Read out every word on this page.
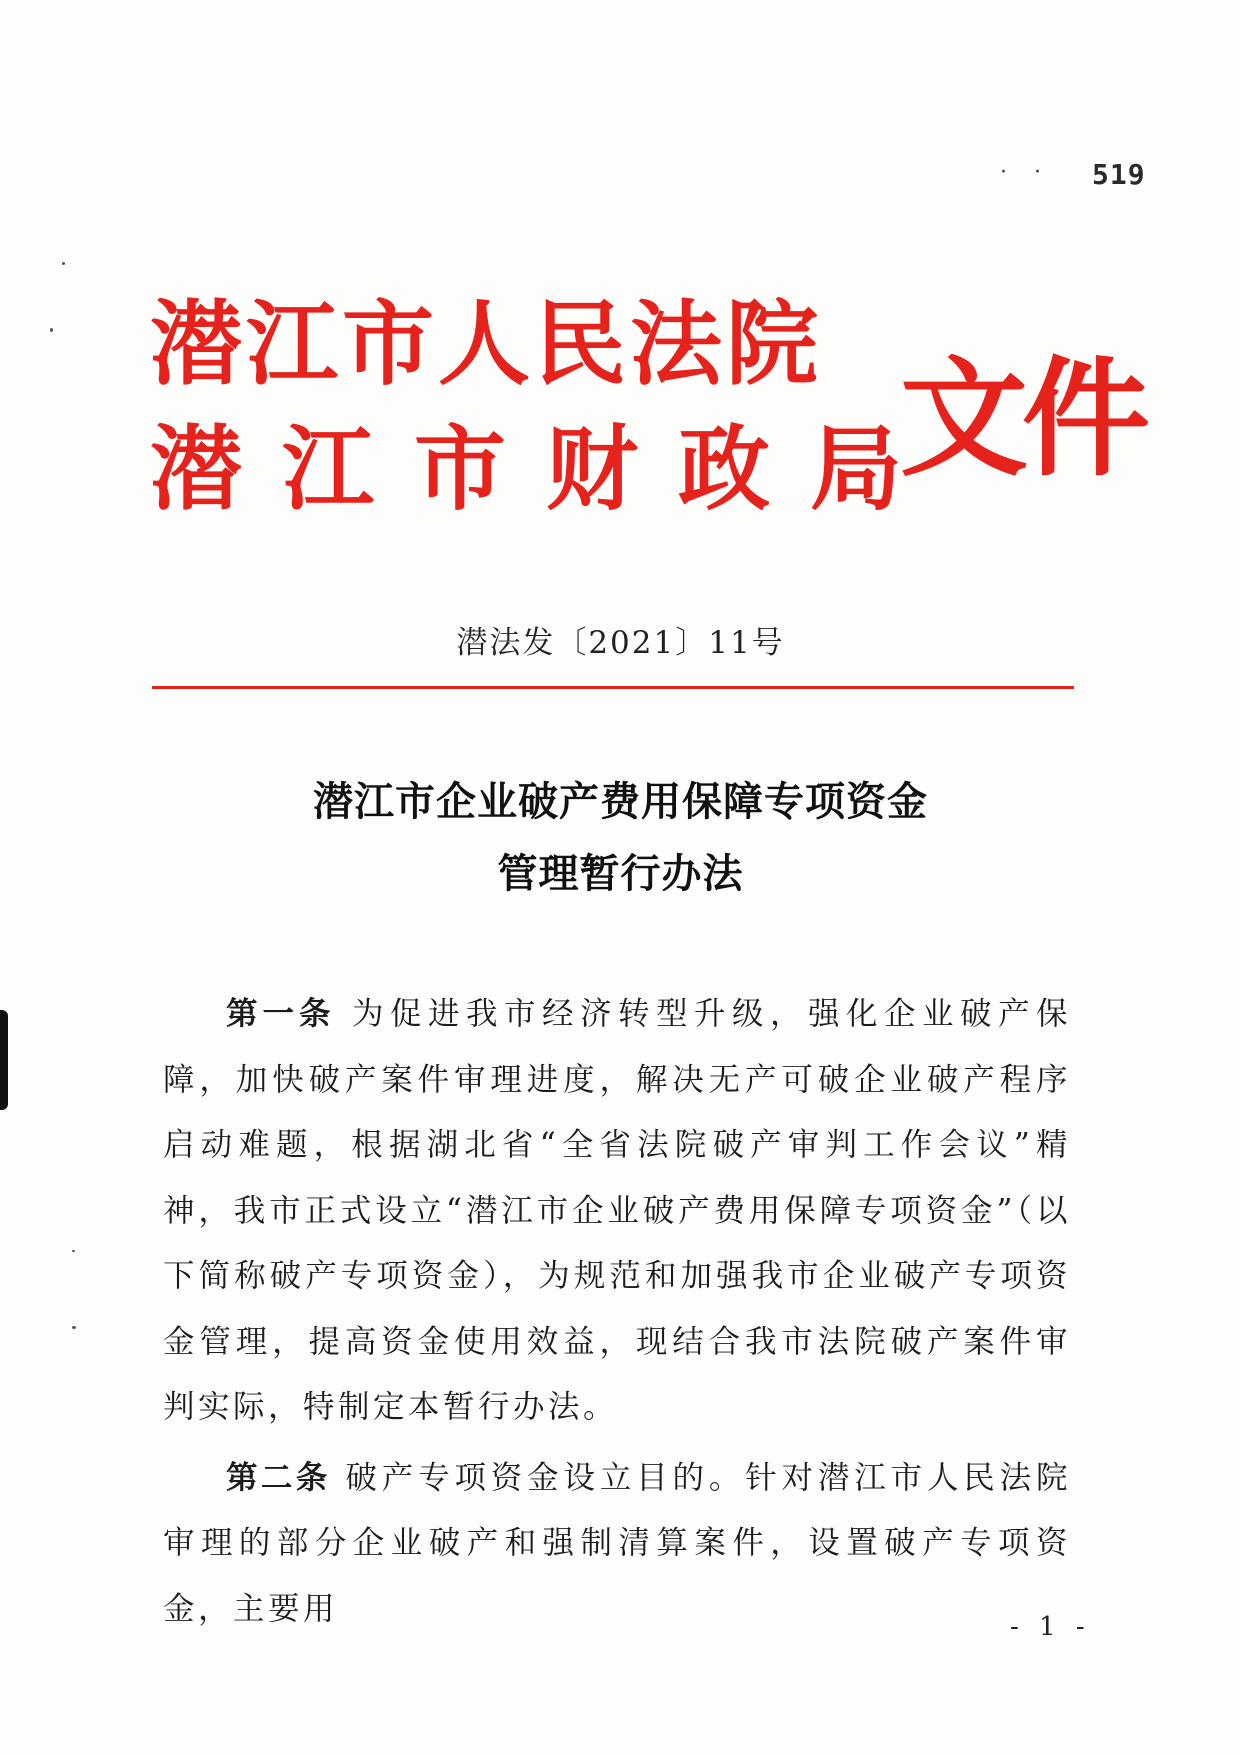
· · 519
潜江市人民法院
潜江市财政局
文件
潜法发〔2021〕11号
潜江市企业破产费用保障专项资金
管理暂行办法

第一条 为促进我市经济转型升级，强化企业破产保障，加快破产案件审理进度，解决无产可破企业破产程序启动难题，根据湖北省“全省法院破产审判工作会议”精神，我市正式设立“潜江市企业破产费用保障专项资金”（以下简称破产专项资金），为规范和加强我市企业破产专项资金管理，提高资金使用效益，现结合我市法院破产案件审判实际，特制定本暂行办法。

第二条 破产专项资金设立目的。针对潜江市人民法院审理的部分企业破产和强制清算案件，设置破产专项资金，主要用

- 1 -
